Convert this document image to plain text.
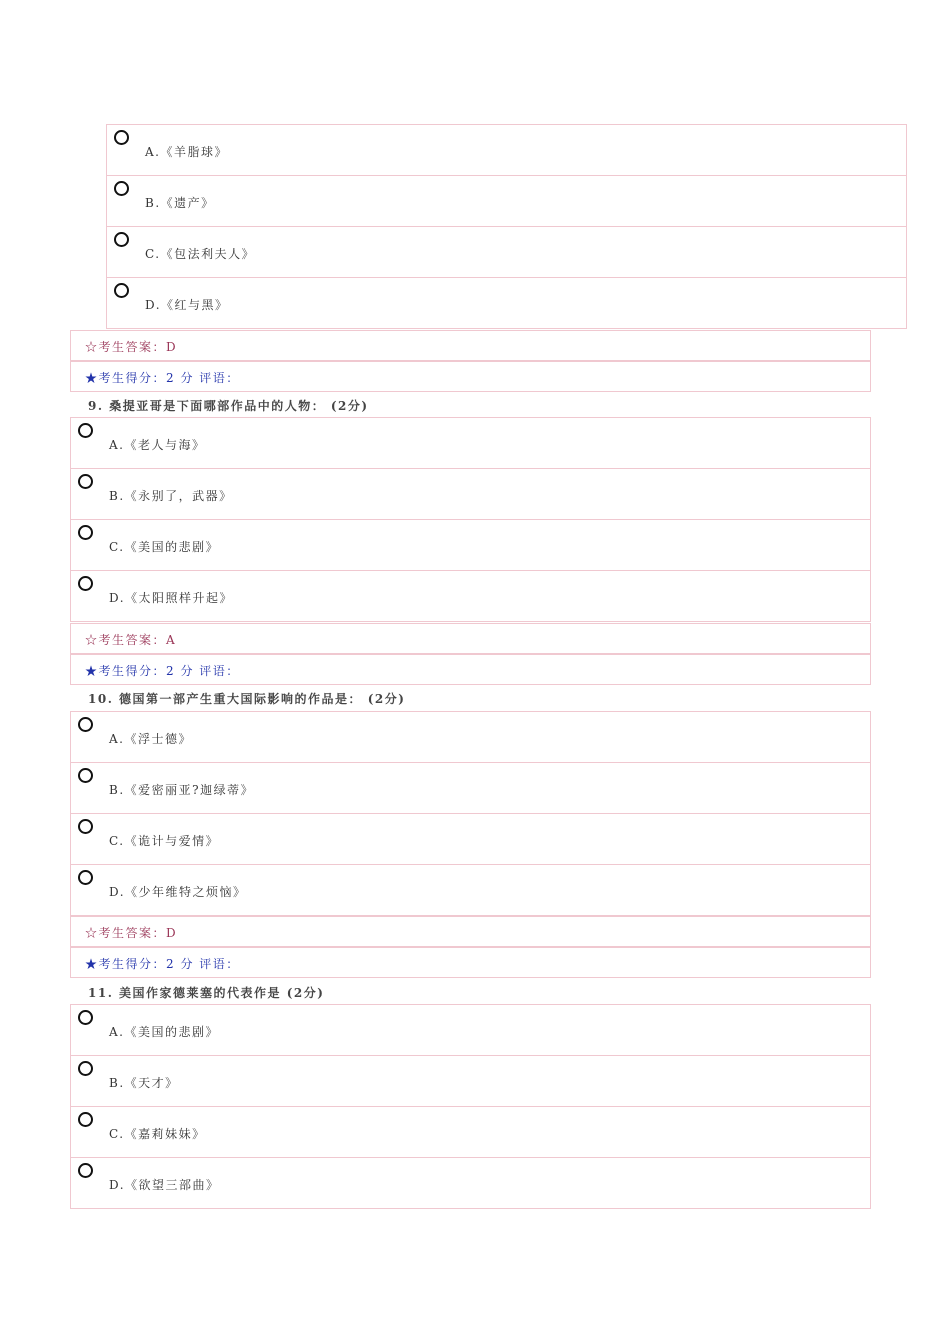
A.《羊脂球》
B.《遗产》
C.《包法利夫人》
D.《红与黑》
☆考生答案：D
★考生得分：2 分 评语：
9. 桑提亚哥是下面哪部作品中的人物： (2分)
A.《老人与海》
B.《永别了，武器》
C.《美国的悲剧》
D.《太阳照样升起》
☆考生答案：A
★考生得分：2 分 评语：
10. 德国第一部产生重大国际影响的作品是： (2分)
A.《浮士德》
B.《爱密丽亚?迦绿蒂》
C.《诡计与爱情》
D.《少年维特之烦恼》
☆考生答案：D
★考生得分：2 分 评语：
11. 美国作家德莱塞的代表作是 (2分)
A.《美国的悲剧》
B.《天才》
C.《嘉莉妹妹》
D.《欲望三部曲》
